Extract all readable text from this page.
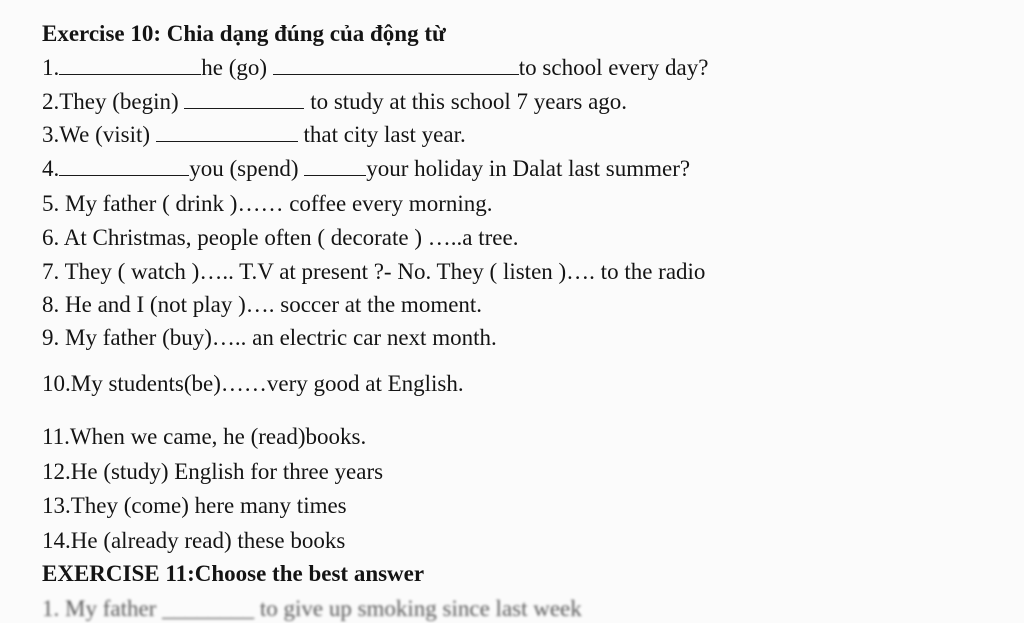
Exercise 10: Chia dạng đúng của động từ
1.	he (go)	to school every day?
2.They (begin)	to study at this school 7 years ago.
3.We (visit)	that city last year.
4.	you (spend)	your holiday in Dalat last summer?
5. My father ( drink )…… coffee every morning.
6. At Christmas, people often ( decorate ) …..a tree.
7. They ( watch )….. T.V at present ?- No. They ( listen )…. to the radio
8. He and I (not play )…. soccer at the moment.
9. My father (buy)….. an electric car next month.
10.My students(be)……very good at English.
11.When we came, he (read)books.
12.He (study) English for three years
13.They (come) here many times
14.He (already read) these books
EXERCISE 11:Choose the best answer
1. My father ________ to give up smoking since last week
